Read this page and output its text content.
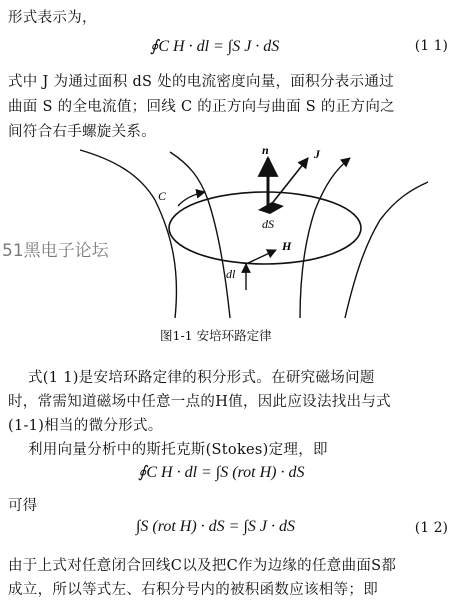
形式表示为，
∮C H · dl = ∫S J · dS	(1 1)
式中 J 为通过面积 dS 处的电流密度向量，面积分表示通过
曲面 S 的全电流值；回线 C 的正方向与曲面 S 的正方向之
间符合右手螺旋关系。
n	J
C
dS
H
dl
51黑电子论坛
图1-1 安培环路定律
式(1 1)是安培环路定律的积分形式。在研究磁场问题
时，常需知道磁场中任意一点的H值，因此应设法找出与式
(1-1)相当的微分形式。
利用向量分析中的斯托克斯(Stokes)定理，即
∮C H · dl = ∫S (rot H) · dS
可得
∫S (rot H) · dS = ∫S J · dS	(1 2)
由于上式对任意闭合回线C以及把C作为边缘的任意曲面S都
成立，所以等式左、右积分号内的被积函数应该相等；即
